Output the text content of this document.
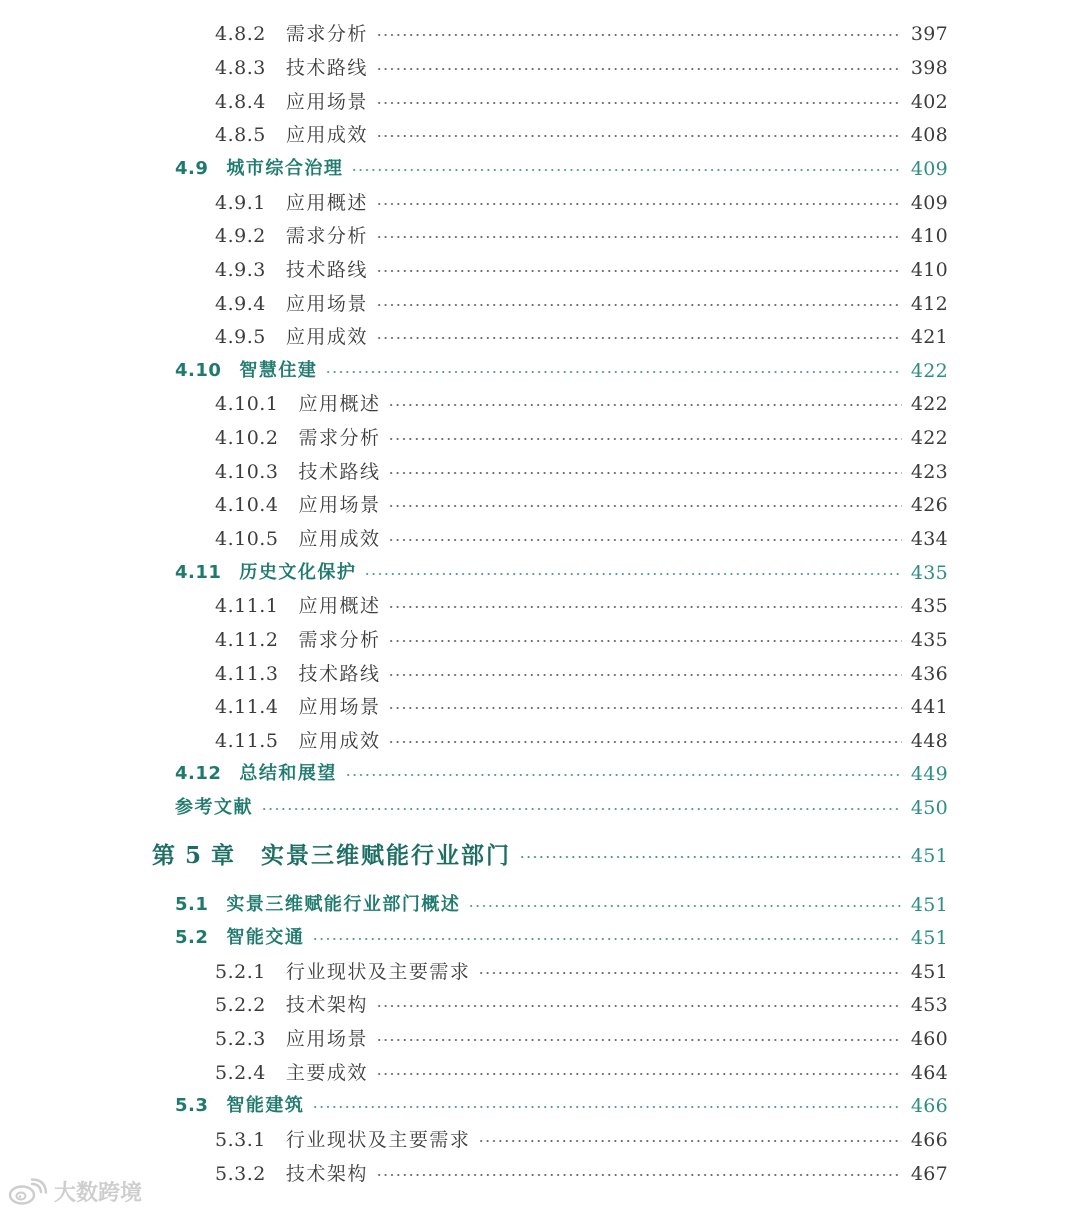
4.8.2 需求分析	397
4.8.3 技术路线	398
4.8.4 应用场景	402
4.8.5 应用成效	408
4.9 城市综合治理	409
4.9.1 应用概述	409
4.9.2 需求分析	410
4.9.3 技术路线	410
4.9.4 应用场景	412
4.9.5 应用成效	421
4.10 智慧住建	422
4.10.1 应用概述	422
4.10.2 需求分析	422
4.10.3 技术路线	423
4.10.4 应用场景	426
4.10.5 应用成效	434
4.11 历史文化保护	435
4.11.1 应用概述	435
4.11.2 需求分析	435
4.11.3 技术路线	436
4.11.4 应用场景	441
4.11.5 应用成效	448
4.12 总结和展望	449
参考文献	450
第 5 章 实景三维赋能行业部门	451
5.1 实景三维赋能行业部门概述	451
5.2 智能交通	451
5.2.1 行业现状及主要需求	451
5.2.2 技术架构	453
5.2.3 应用场景	460
5.2.4 主要成效	464
5.3 智能建筑	466
5.3.1 行业现状及主要需求	466
5.3.2 技术架构	467
大数跨境
